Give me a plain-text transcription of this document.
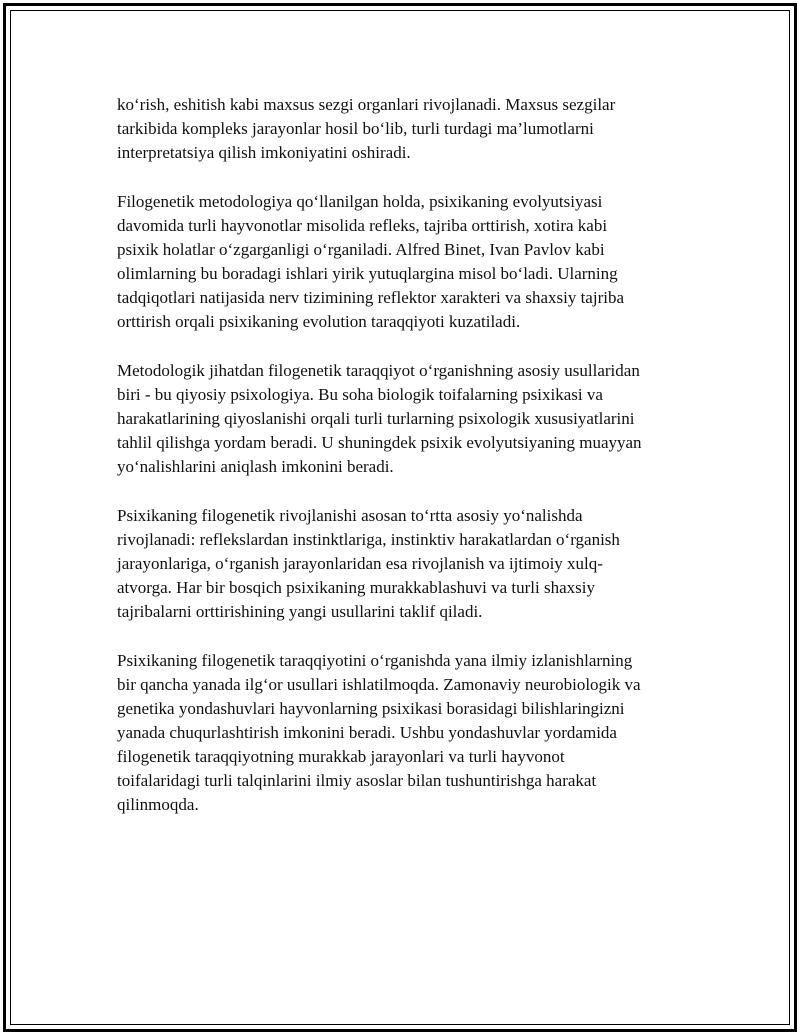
ko‘rish, eshitish kabi maxsus sezgi organlari rivojlanadi. Maxsus sezgilar
tarkibida kompleks jarayonlar hosil bo‘lib, turli turdagi ma’lumotlarni
interpretatsiya qilish imkoniyatini oshiradi.

Filogenetik metodologiya qo‘llanilgan holda, psixikaning evolyutsiyasi
davomida turli hayvonotlar misolida refleks, tajriba orttirish, xotira kabi
psixik holatlar o‘zgarganligi o‘rganiladi. Alfred Binet, Ivan Pavlov kabi
olimlarning bu boradagi ishlari yirik yutuqlargina misol bo‘ladi. Ularning
tadqiqotlari natijasida nerv tizimining reflektor xarakteri va shaxsiy tajriba
orttirish orqali psixikaning evolution taraqqiyoti kuzatiladi.

Metodologik jihatdan filogenetik taraqqiyot o‘rganishning asosiy usullaridan
biri - bu qiyosiy psixologiya. Bu soha biologik toifalarning psixikasi va
harakatlarining qiyoslanishi orqali turli turlarning psixologik xususiyatlarini
tahlil qilishga yordam beradi. U shuningdek psixik evolyutsiyaning muayyan
yo‘nalishlarini aniqlash imkonini beradi.

Psixikaning filogenetik rivojlanishi asosan to‘rtta asosiy yo‘nalishda
rivojlanadi: reflekslardan instinktlariga, instinktiv harakatlardan o‘rganish
jarayonlariga, o‘rganish jarayonlaridan esa rivojlanish va ijtimoiy xulq-
atvorga. Har bir bosqich psixikaning murakkablashuvi va turli shaxsiy
tajribalarni orttirishining yangi usullarini taklif qiladi.

Psixikaning filogenetik taraqqiyotini o‘rganishda yana ilmiy izlanishlarning
bir qancha yanada ilg‘or usullari ishlatilmoqda. Zamonaviy neurobiologik va
genetika yondashuvlari hayvonlarning psixikasi borasidagi bilishlaringizni
yanada chuqurlashtirish imkonini beradi. Ushbu yondashuvlar yordamida
filogenetik taraqqiyotning murakkab jarayonlari va turli hayvonot
toifalaridagi turli talqinlarini ilmiy asoslar bilan tushuntirishga harakat
qilinmoqda.
